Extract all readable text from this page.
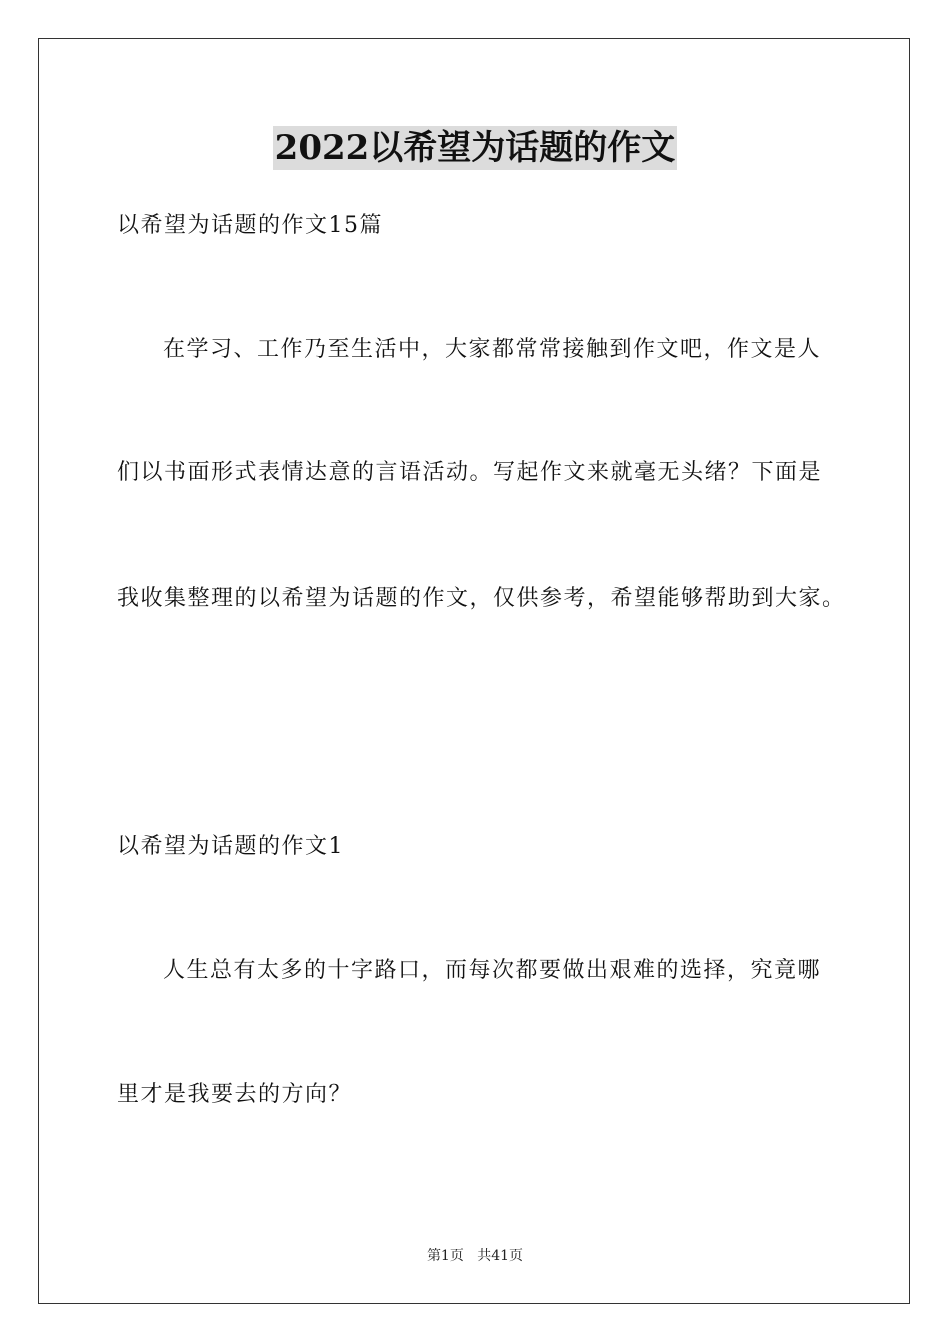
2022以希望为话题的作文
以希望为话题的作文15篇
在学习、工作乃至生活中，大家都常常接触到作文吧，作文是人
们以书面形式表情达意的言语活动。写起作文来就毫无头绪？下面是
我收集整理的以希望为话题的作文，仅供参考，希望能够帮助到大家。
以希望为话题的作文1
人生总有太多的十字路口，而每次都要做出艰难的选择，究竟哪
里才是我要去的方向？
第1页 共41页
